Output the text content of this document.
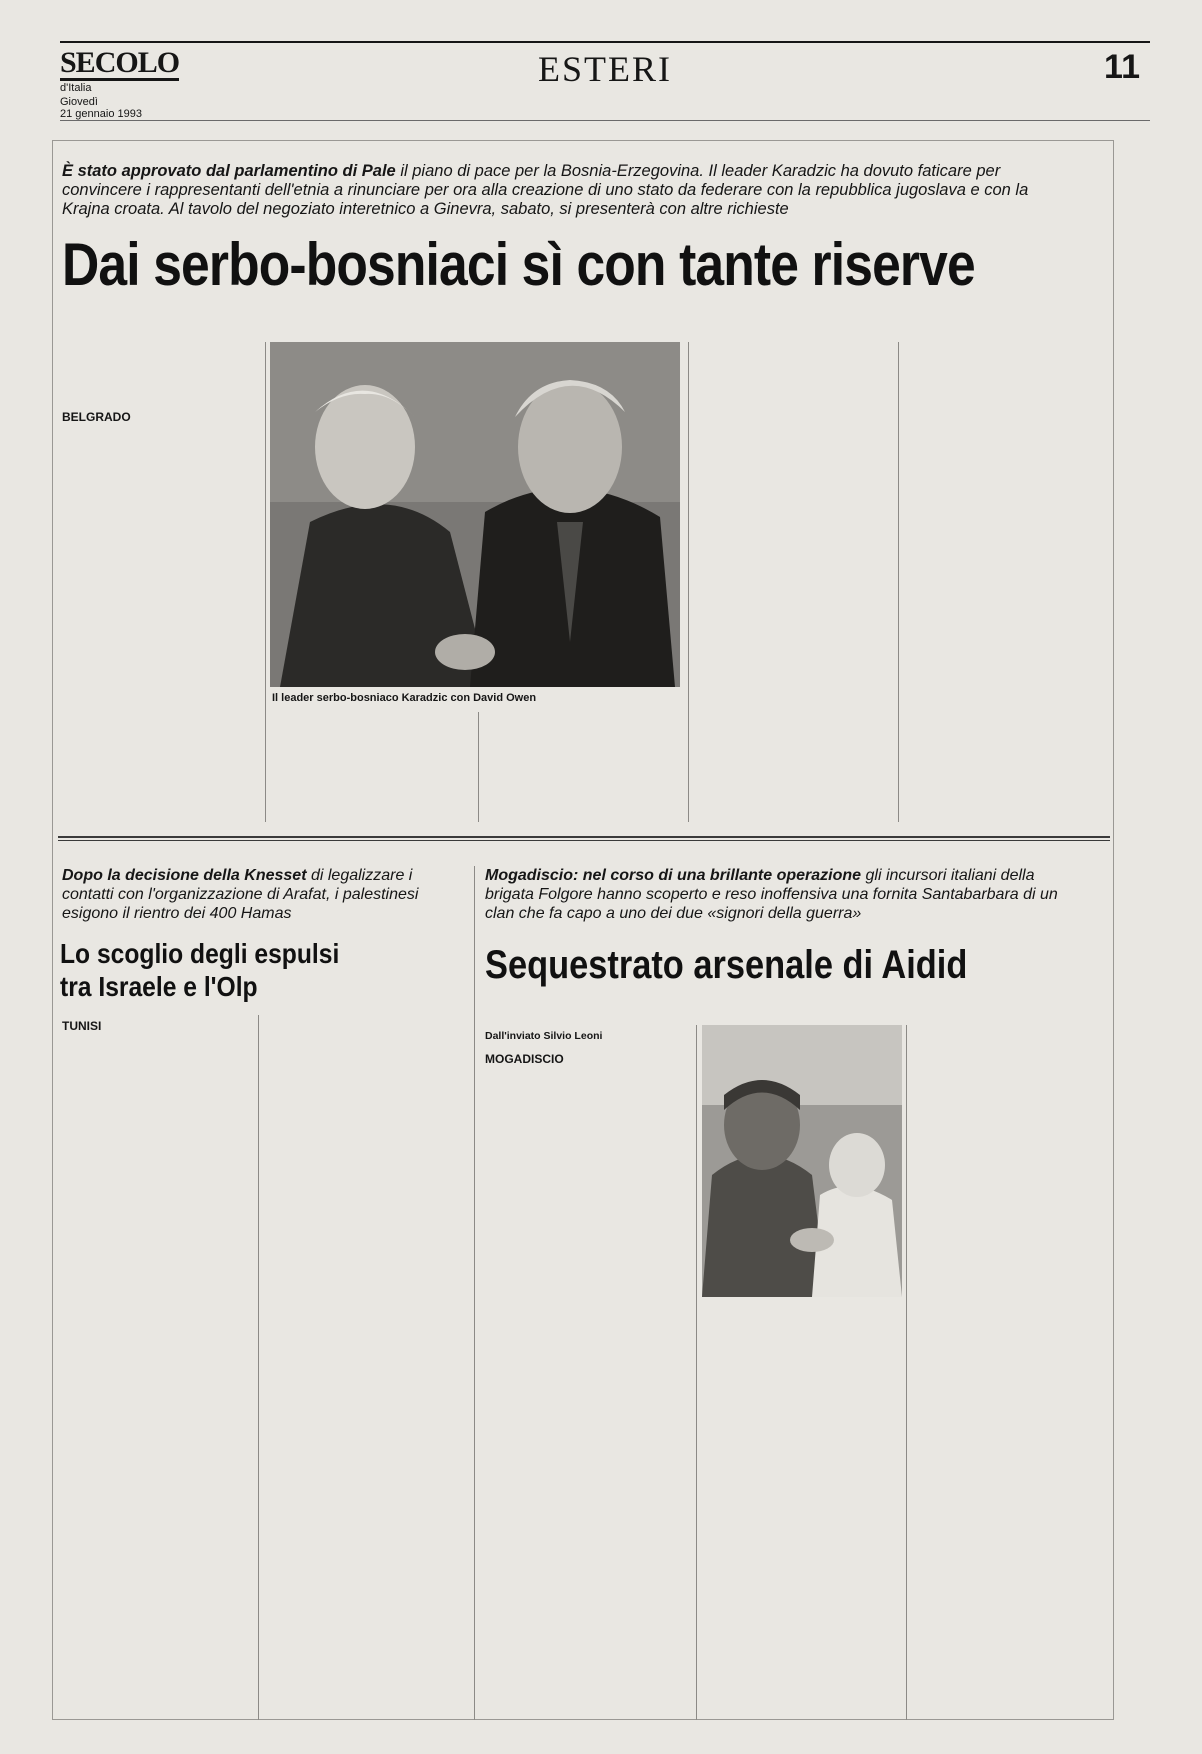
SECOLO
d'Italia
Giovedì
21 gennaio 1993
ESTERI	11
È stato approvato dal parlamentino di Pale il piano di pace per la Bosnia-Erzegovina. Il leader Karadzic ha dovuto faticare per convincere i rappresentanti dell'etnia a rinunciare per ora alla creazione di uno stato da federare con la repubblica jugoslava e con la Krajna croata. Al tavolo del negoziato interetnico a Ginevra, sabato, si presenterà con altre richieste
Dai serbo-bosniaci sì con tante riserve
Il leader serbo-bosniaco Karadzic con David Owen
BELGRADO
Dopo la decisione della Knesset di legalizzare i contatti con l'organizzazione di Arafat, i palestinesi esigono il rientro dei 400 Hamas
Lo scoglio degli espulsi
tra Israele e l'Olp
TUNISI
Mogadiscio: nel corso di una brillante operazione gli incursori italiani della brigata Folgore hanno scoperto e reso inoffensiva una fornita Santabarbara di un clan che fa capo a uno dei due «signori della guerra»
Sequestrato arsenale di Aidid
Dall'inviato Silvio Leoni
MOGADISCIO
